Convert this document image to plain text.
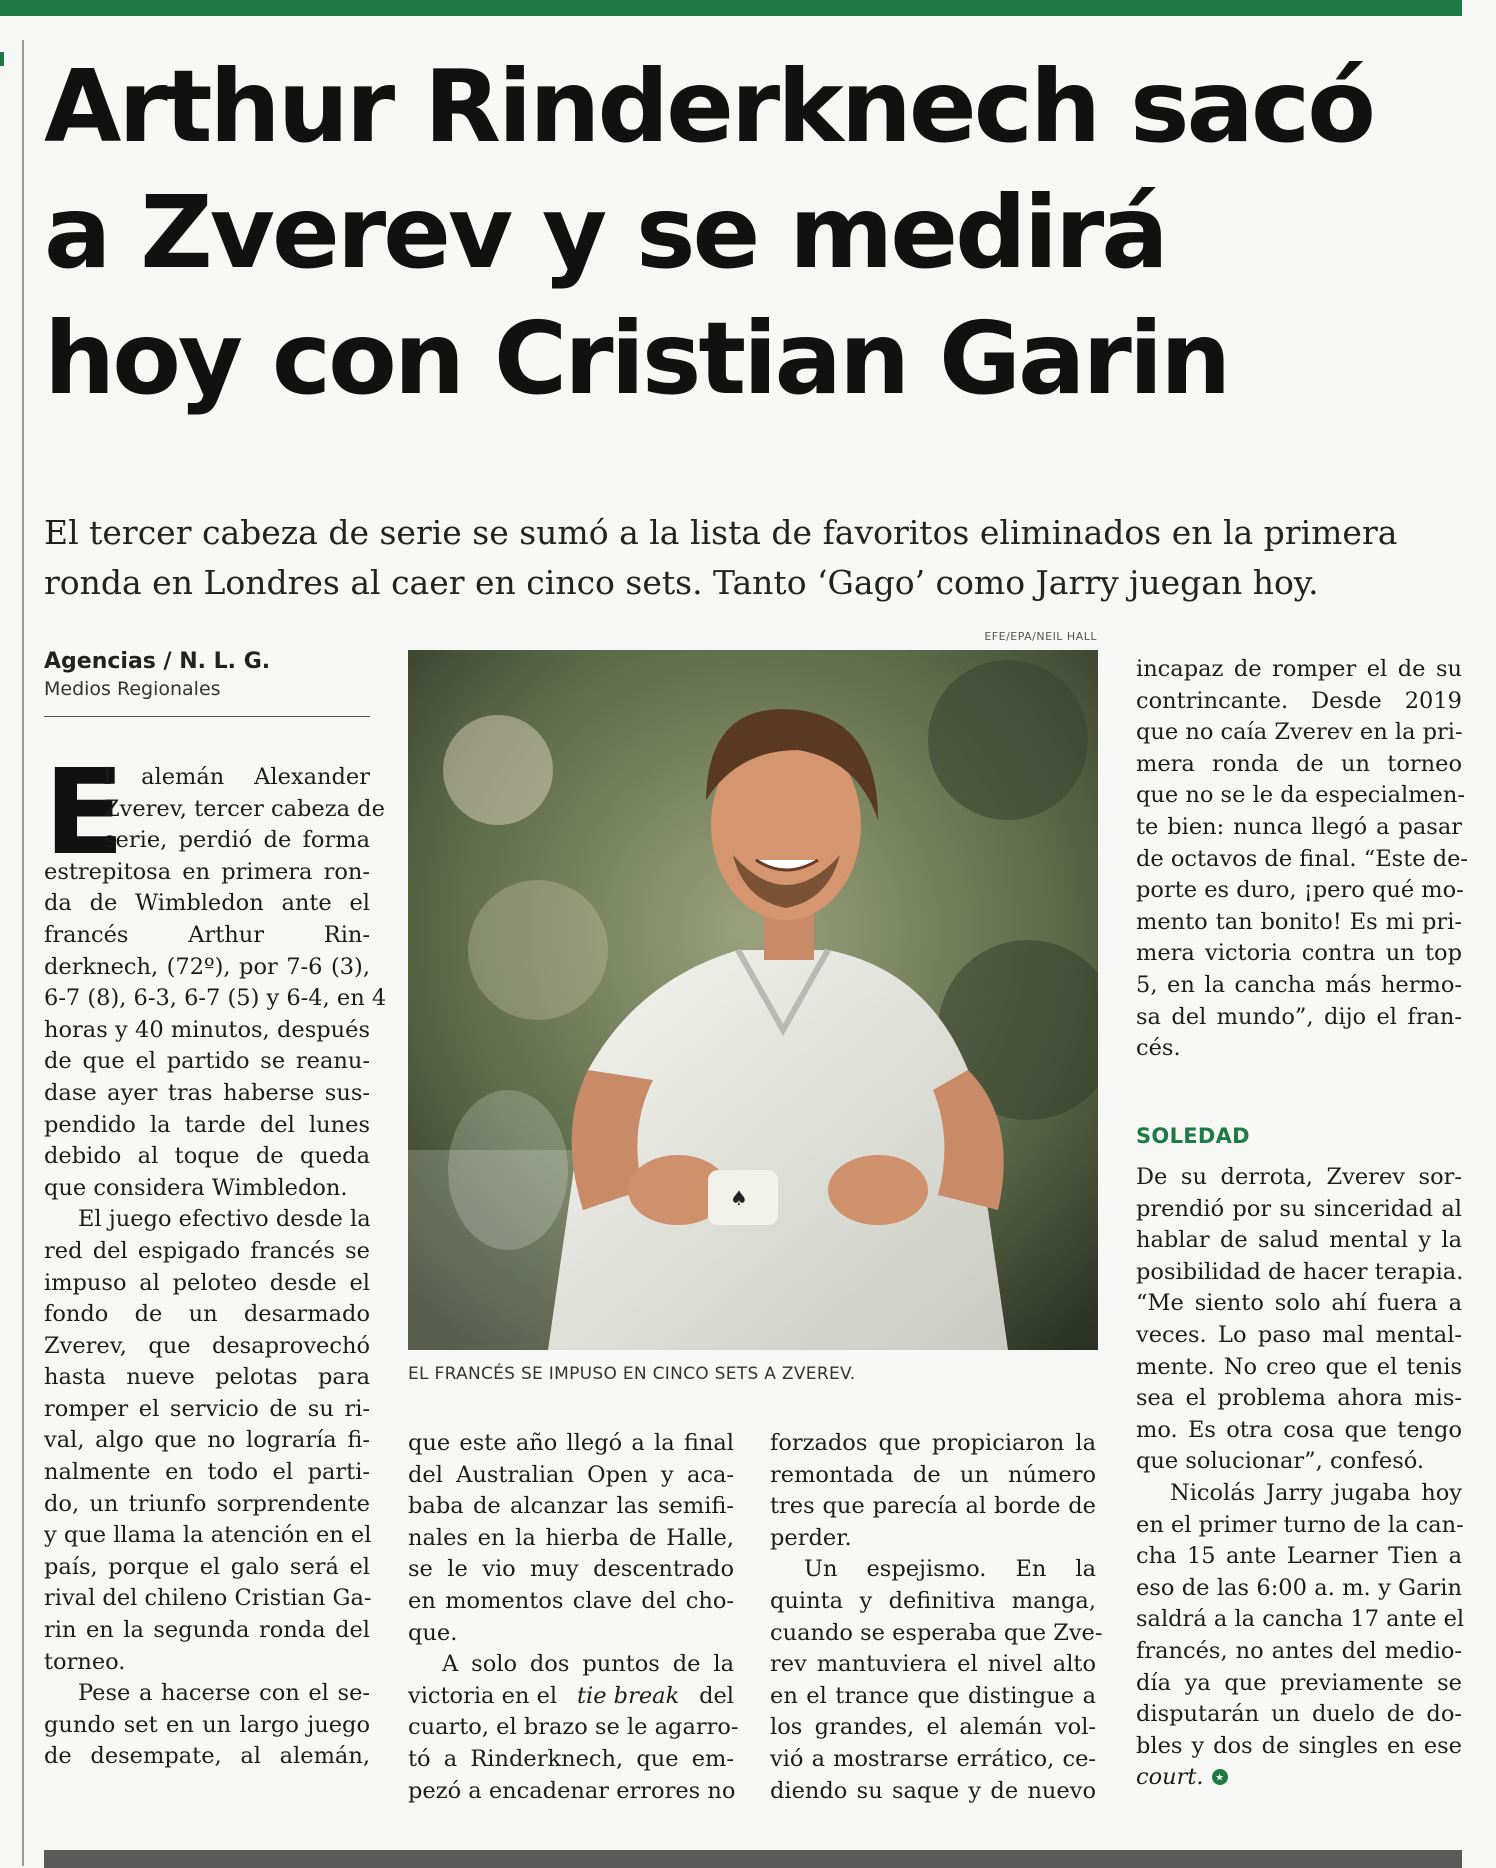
Arthur Rinderknech sacó
a Zverev y se medirá
hoy con Cristian Garin
El tercer cabeza de serie se sumó a la lista de favoritos eliminados en la primera
ronda en Londres al caer en cinco sets. Tanto ‘Gago’ como Jarry juegan hoy.
Agencias / N. L. G.
Medios Regionales
EFE/EPA/NEIL HALL
♠
EL FRANCÉS SE IMPUSO EN CINCO SETS A ZVEREV.
E
l alemán Alexander
Zverev, tercer cabeza de
serie, perdió de forma
estrepitosa en primera ron-
da de Wimbledon ante el
francés Arthur Rin-
derknech, (72º), por 7-6 (3),
6-7 (8), 6-3, 6-7 (5) y 6-4, en 4
horas y 40 minutos, después
de que el partido se reanu-
dase ayer tras haberse sus-
pendido la tarde del lunes
debido al toque de queda
que considera Wimbledon.
El juego efectivo desde la
red del espigado francés se
impuso al peloteo desde el
fondo de un desarmado
Zverev, que desaprovechó
hasta nueve pelotas para
romper el servicio de su ri-
val, algo que no lograría fi-
nalmente en todo el parti-
do, un triunfo sorprendente
y que llama la atención en el
país, porque el galo será el
rival del chileno Cristian Ga-
rin en la segunda ronda del
torneo.
Pese a hacerse con el se-
gundo set en un largo juego
de desempate, al alemán,
que este año llegó a la final
del Australian Open y aca-
baba de alcanzar las semifi-
nales en la hierba de Halle,
se le vio muy descentrado
en momentos clave del cho-
que.
A solo dos puntos de la
victoria en el tie break del
cuarto, el brazo se le agarro-
tó a Rinderknech, que em-
pezó a encadenar errores no
forzados que propiciaron la
remontada de un número
tres que parecía al borde de
perder.
Un espejismo. En la
quinta y definitiva manga,
cuando se esperaba que Zve-
rev mantuviera el nivel alto
en el trance que distingue a
los grandes, el alemán vol-
vió a mostrarse errático, ce-
diendo su saque y de nuevo
incapaz de romper el de su
contrincante. Desde 2019
que no caía Zverev en la pri-
mera ronda de un torneo
que no se le da especialmen-
te bien: nunca llegó a pasar
de octavos de final. “Este de-
porte es duro, ¡pero qué mo-
mento tan bonito! Es mi pri-
mera victoria contra un top
5, en la cancha más hermo-
sa del mundo”, dijo el fran-
cés.
SOLEDAD
De su derrota, Zverev sor-
prendió por su sinceridad al
hablar de salud mental y la
posibilidad de hacer terapia.
“Me siento solo ahí fuera a
veces. Lo paso mal mental-
mente. No creo que el tenis
sea el problema ahora mis-
mo. Es otra cosa que tengo
que solucionar”, confesó.
Nicolás Jarry jugaba hoy
en el primer turno de la can-
cha 15 ante Learner Tien a
eso de las 6:00 a. m. y Garin
saldrá a la cancha 17 ante el
francés, no antes del medio-
día ya que previamente se
disputarán un duelo de do-
bles y dos de singles en ese
court.
